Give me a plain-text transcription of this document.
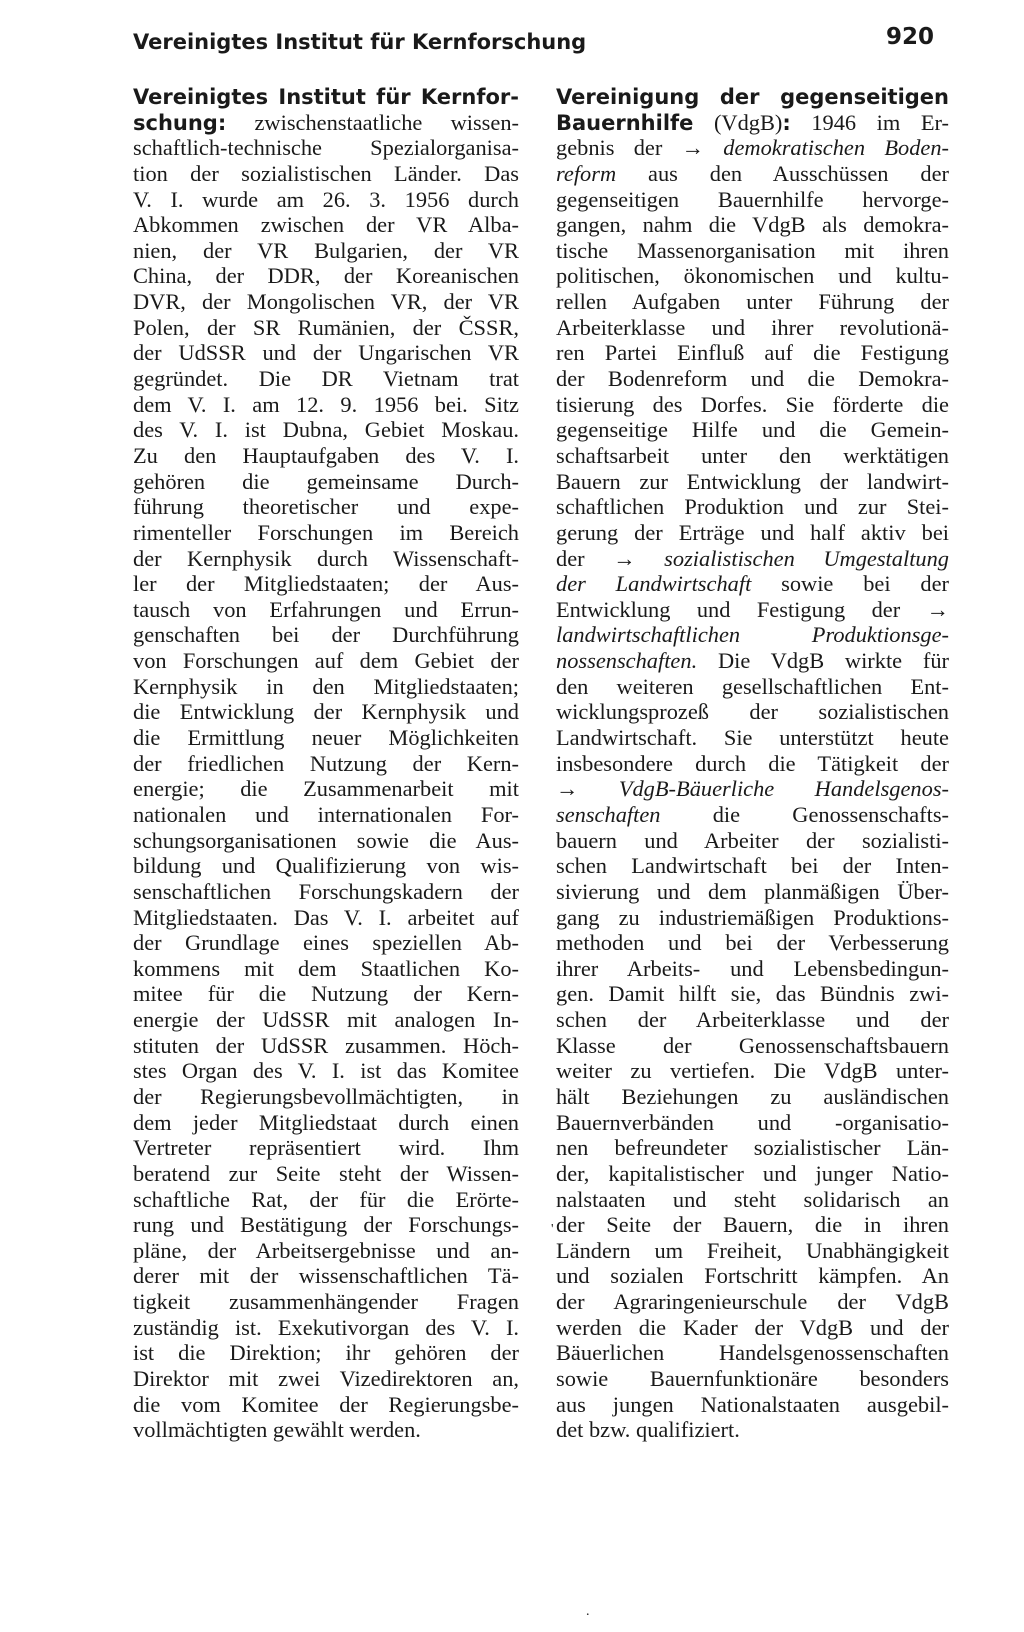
Vereinigtes Institut für Kernforschung	920
Vereinigtes Institut für Kernfor-
schung: zwischenstaatliche wissen-
schaftlich-technische Spezialorganisa-
tion der sozialistischen Länder. Das
V. I. wurde am 26. 3. 1956 durch
Abkommen zwischen der VR Alba-
nien, der VR Bulgarien, der VR
China, der DDR, der Koreanischen
DVR, der Mongolischen VR, der VR
Polen, der SR Rumänien, der ČSSR,
der UdSSR und der Ungarischen VR
gegründet. Die DR Vietnam trat
dem V. I. am 12. 9. 1956 bei. Sitz
des V. I. ist Dubna, Gebiet Moskau.
Zu den Hauptaufgaben des V. I.
gehören die gemeinsame Durch-
führung theoretischer und expe-
rimenteller Forschungen im Bereich
der Kernphysik durch Wissenschaft-
ler der Mitgliedstaaten; der Aus-
tausch von Erfahrungen und Errun-
genschaften bei der Durchführung
von Forschungen auf dem Gebiet der
Kernphysik in den Mitgliedstaaten;
die Entwicklung der Kernphysik und
die Ermittlung neuer Möglichkeiten
der friedlichen Nutzung der Kern-
energie; die Zusammenarbeit mit
nationalen und internationalen For-
schungsorganisationen sowie die Aus-
bildung und Qualifizierung von wis-
senschaftlichen Forschungskadern der
Mitgliedstaaten. Das V. I. arbeitet auf
der Grundlage eines speziellen Ab-
kommens mit dem Staatlichen Ko-
mitee für die Nutzung der Kern-
energie der UdSSR mit analogen In-
stituten der UdSSR zusammen. Höch-
stes Organ des V. I. ist das Komitee
der Regierungsbevollmächtigten, in
dem jeder Mitgliedstaat durch einen
Vertreter repräsentiert wird. Ihm
beratend zur Seite steht der Wissen-
schaftliche Rat, der für die Erörte-
rung und Bestätigung der Forschungs-
pläne, der Arbeitsergebnisse und an-
derer mit der wissenschaftlichen Tä-
tigkeit zusammenhängender Fragen
zuständig ist. Exekutivorgan des V. I.
ist die Direktion; ihr gehören der
Direktor mit zwei Vizedirektoren an,
die vom Komitee der Regierungsbe-
vollmächtigten gewählt werden.
Vereinigung der gegenseitigen
Bauernhilfe (VdgB): 1946 im Er-
gebnis der → demokratischen Boden-
reform aus den Ausschüssen der
gegenseitigen Bauernhilfe hervorge-
gangen, nahm die VdgB als demokra-
tische Massenorganisation mit ihren
politischen, ökonomischen und kultu-
rellen Aufgaben unter Führung der
Arbeiterklasse und ihrer revolutionä-
ren Partei Einfluß auf die Festigung
der Bodenreform und die Demokra-
tisierung des Dorfes. Sie förderte die
gegenseitige Hilfe und die Gemein-
schaftsarbeit unter den werktätigen
Bauern zur Entwicklung der landwirt-
schaftlichen Produktion und zur Stei-
gerung der Erträge und half aktiv bei
der → sozialistischen Umgestaltung
der Landwirtschaft sowie bei der
Entwicklung und Festigung der →
landwirtschaftlichen Produktionsge-
nossenschaften. Die VdgB wirkte für
den weiteren gesellschaftlichen Ent-
wicklungsprozeß der sozialistischen
Landwirtschaft. Sie unterstützt heute
insbesondere durch die Tätigkeit der
→ VdgB-Bäuerliche Handelsgenos-
senschaften die Genossenschafts-
bauern und Arbeiter der sozialisti-
schen Landwirtschaft bei der Inten-
sivierung und dem planmäßigen Über-
gang zu industriemäßigen Produktions-
methoden und bei der Verbesserung
ihrer Arbeits- und Lebensbedingun-
gen. Damit hilft sie, das Bündnis zwi-
schen der Arbeiterklasse und der
Klasse der Genossenschaftsbauern
weiter zu vertiefen. Die VdgB unter-
hält Beziehungen zu ausländischen
Bauernverbänden und -organisatio-
nen befreundeter sozialistischer Län-
der, kapitalistischer und junger Natio-
nalstaaten und steht solidarisch an
der Seite der Bauern, die in ihren
Ländern um Freiheit, Unabhängigkeit
und sozialen Fortschritt kämpfen. An
der Agraringenieurschule der VdgB
werden die Kader der VdgB und der
Bäuerlichen Handelsgenossenschaften
sowie Bauernfunktionäre besonders
aus jungen Nationalstaaten ausgebil-
det bzw. qualifiziert.
'
.
